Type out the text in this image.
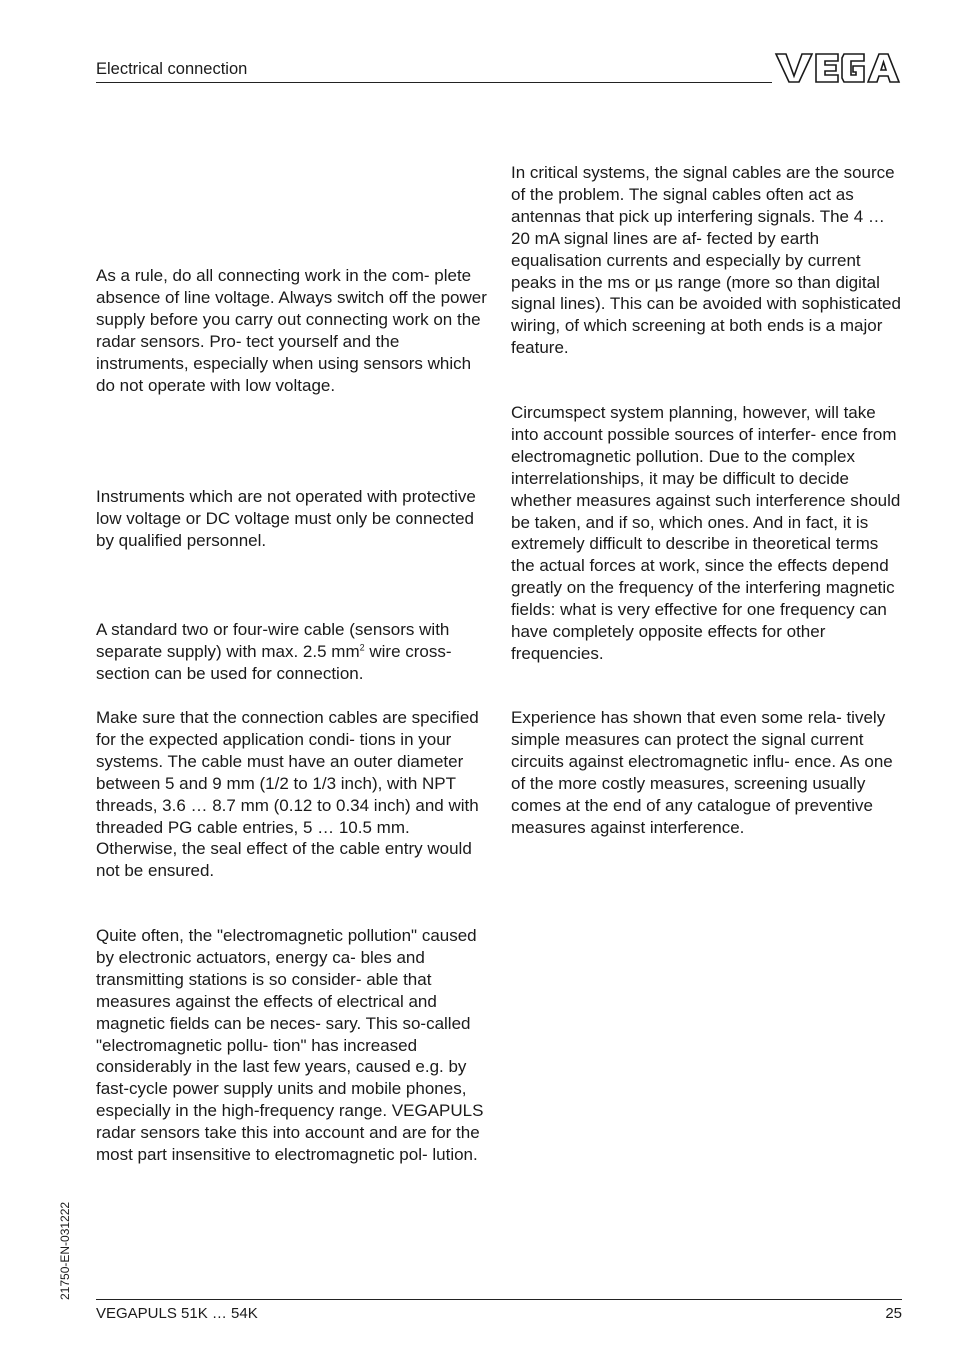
Electrical connection

As a rule, do all connecting work in the com- plete absence of line voltage. Always switch off the power supply before you carry out connecting work on the radar sensors. Pro- tect yourself and the instruments, especially when using sensors which do not operate with low voltage.

Instruments which are not operated with protective low voltage or DC voltage must only be connected by qualified personnel.

A standard two or four-wire cable (sensors with separate supply) with max. 2.5 $mm^2$ wire cross-section can be used for connection.

Make sure that the connection cables are specified for the expected application condi- tions in your systems. The cable must have an outer diameter between 5 and 9 mm (1/2 to 1/3 inch), with NPT threads, 3.6 … 8.7 mm (0.12 to 0.34 inch) and with threaded PG cable entries, 5 … 10.5 mm. Otherwise, the seal effect of the cable entry would not be ensured.

Quite often, the "electromagnetic pollution" caused by electronic actuators, energy ca- bles and transmitting stations is so consider- able that measures against the effects of electrical and magnetic fields can be neces- sary. This so-called "electromagnetic pollu- tion" has increased considerably in the last few years, caused e.g. by fast-cycle power supply units and mobile phones, especially in the high-frequency range. VEGAPULS radar sensors take this into account and are for the most part insensitive to electromagnetic pol- lution.

In critical systems, the signal cables are the source of the problem. The signal cables often act as antennas that pick up interfering signals. The 4 … 20 mA signal lines are af- fected by earth equalisation currents and especially by current peaks in the ms or µs range (more so than digital signal lines). This can be avoided with sophisticated wiring, of which screening at both ends is a major feature.

Circumspect system planning, however, will take into account possible sources of interfer- ence from electromagnetic pollution. Due to the complex interrelationships, it may be difficult to decide whether measures against such interference should be taken, and if so, which ones. And in fact, it is extremely difficult to describe in theoretical terms the actual forces at work, since the effects depend greatly on the frequency of the interfering magnetic fields: what is very effective for one frequency can have completely opposite effects for other frequencies.

Experience has shown that even some rela- tively simple measures can protect the signal current circuits against electromagnetic influ- ence. As one of the more costly measures, screening usually comes at the end of any catalogue of preventive measures against interference.

21750-EN-031222
VEGAPULS 51K … 54K	25
